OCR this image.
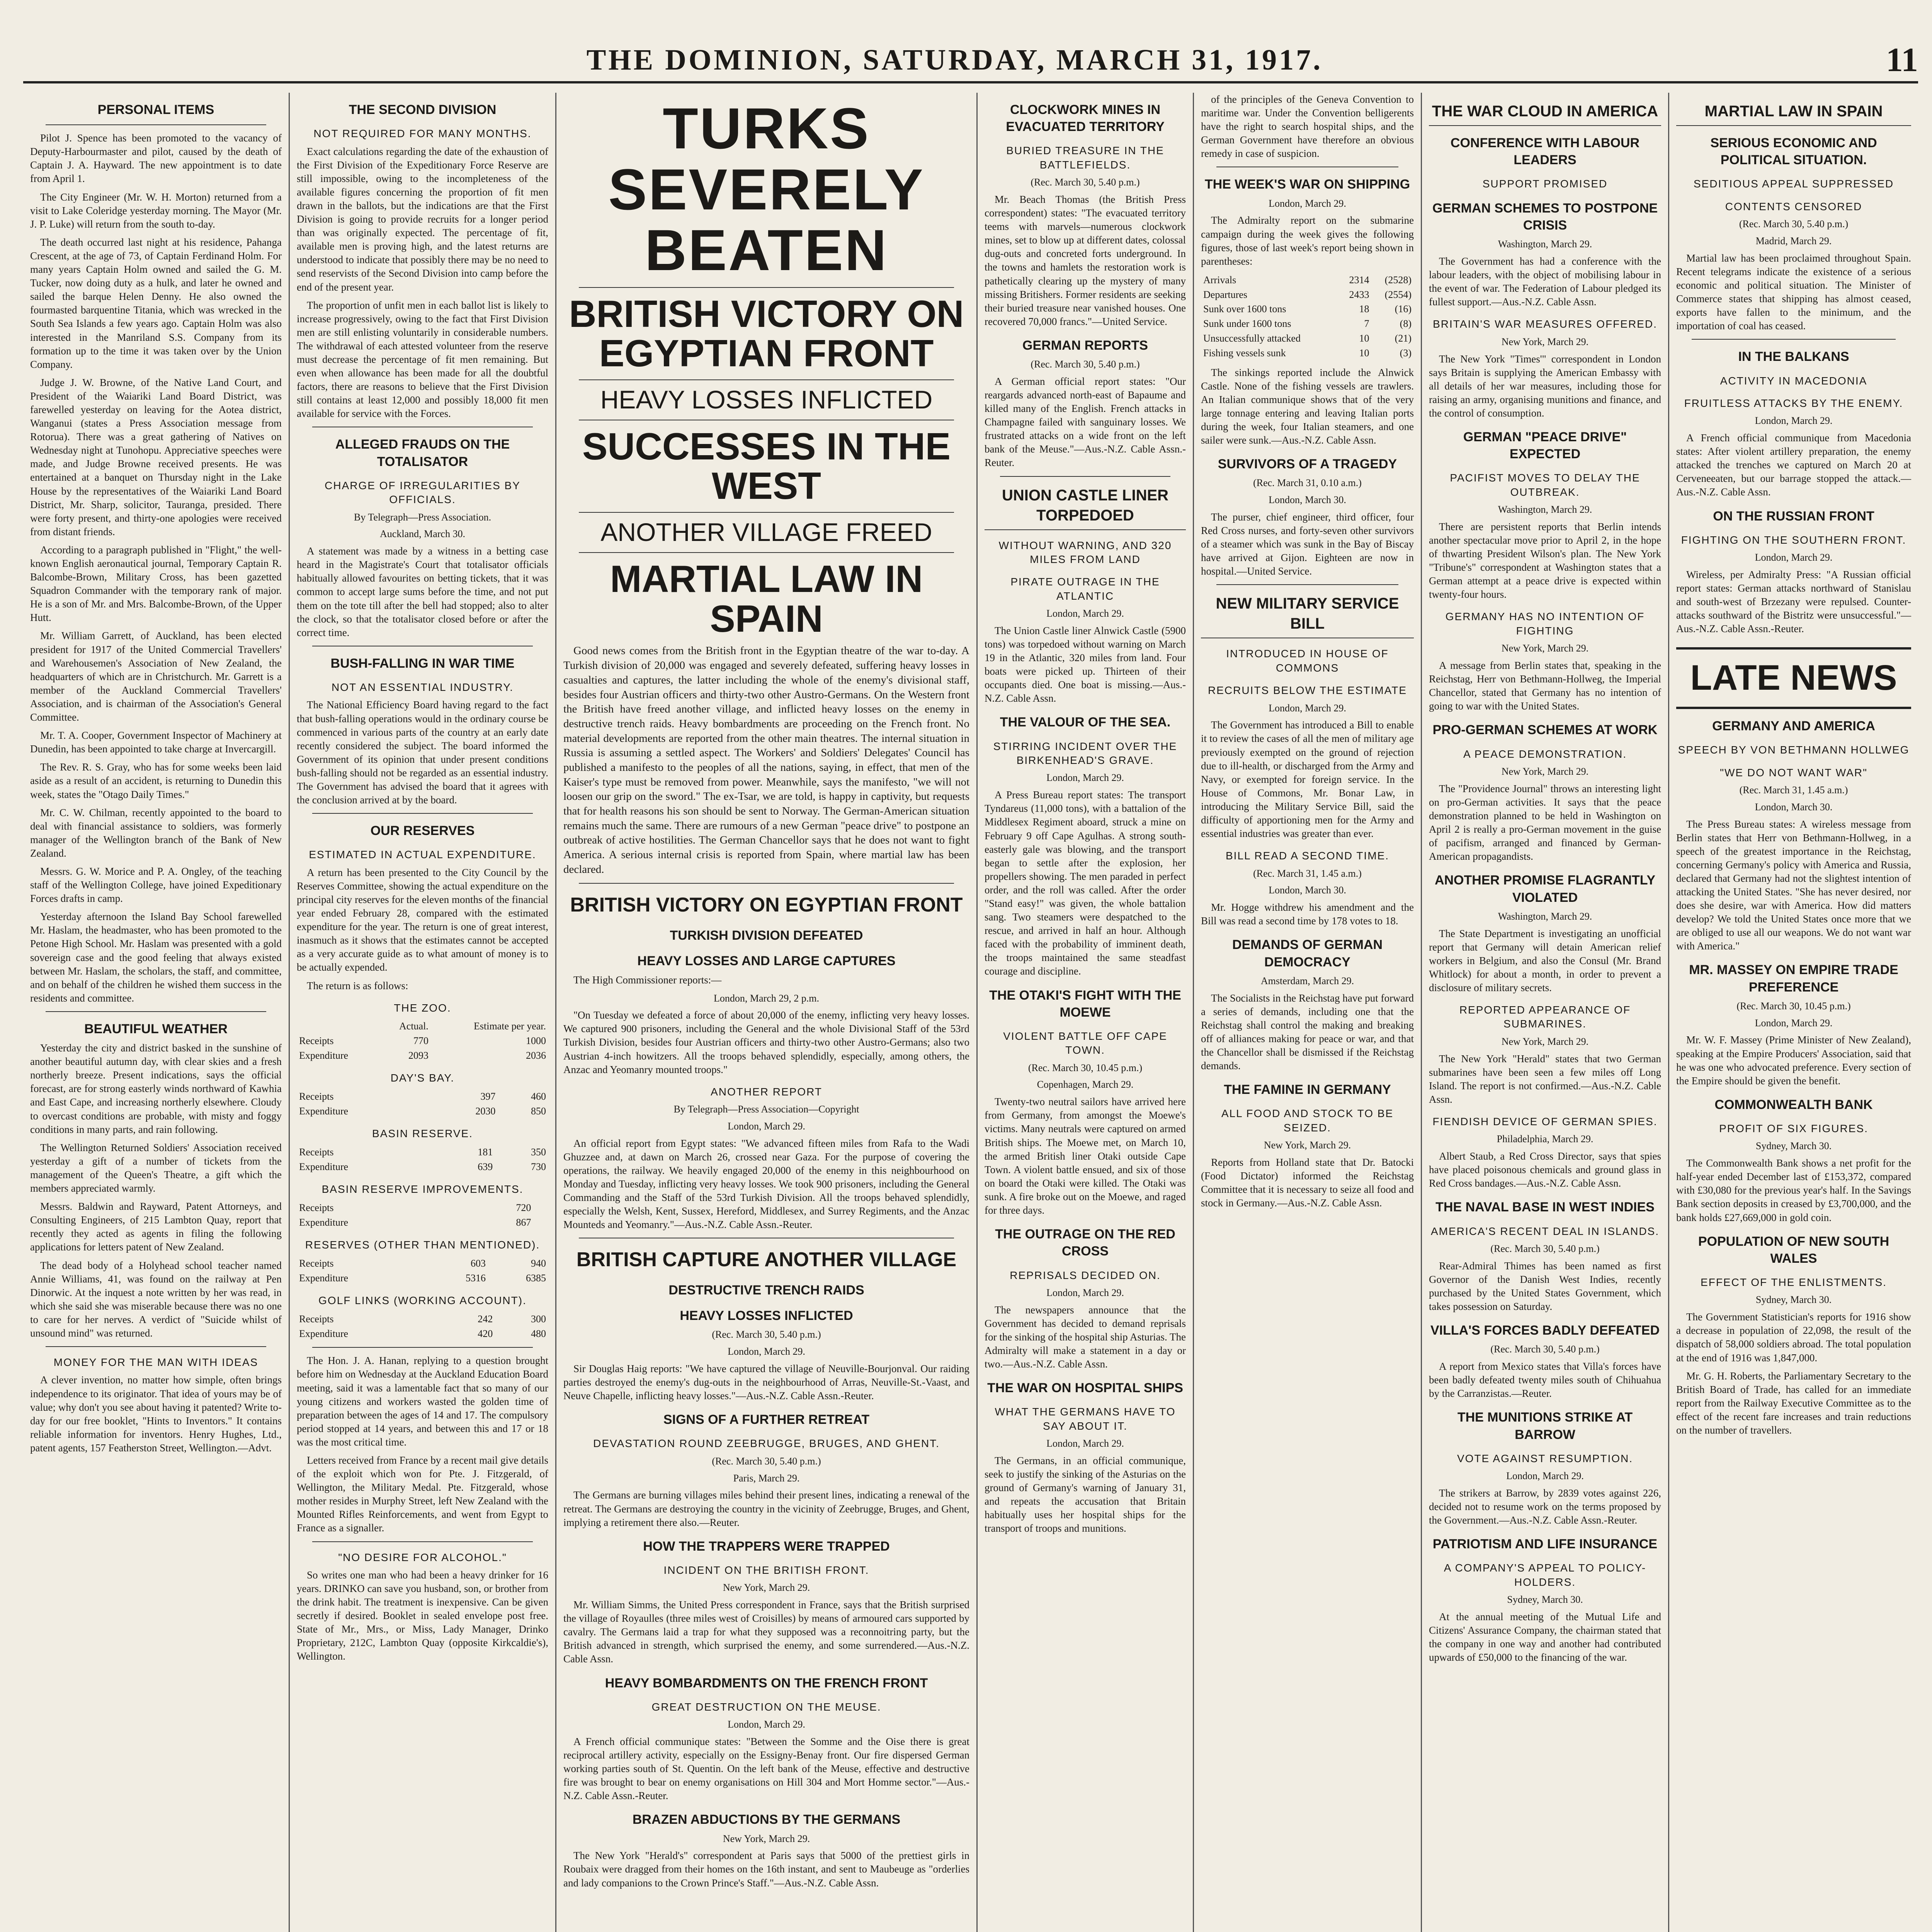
THE DOMINION, SATURDAY, MARCH 31, 1917.	11
PERSONAL ITEMS

Pilot J. Spence has been promoted to the vacancy of Deputy-Harbourmaster and pilot, caused by the death of Captain J. A. Hayward. The new appointment is to date from April 1.

The City Engineer (Mr. W. H. Morton) returned from a visit to Lake Coleridge yesterday morning. The Mayor (Mr. J. P. Luke) will return from the south to-day.

The death occurred last night at his residence, Pahanga Crescent, at the age of 73, of Captain Ferdinand Holm. For many years Captain Holm owned and sailed the G. M. Tucker, now doing duty as a hulk, and later he owned and sailed the barque Helen Denny. He also owned the fourmasted barquentine Titania, which was wrecked in the South Sea Islands a few years ago. Captain Holm was also interested in the Manriland S.S. Company from its formation up to the time it was taken over by the Union Company.

Judge J. W. Browne, of the Native Land Court, and President of the Waiariki Land Board District, was farewelled yesterday on leaving for the Aotea district, Wanganui (states a Press Association message from Rotorua). There was a great gathering of Natives on Wednesday night at Tunohopu. Appreciative speeches were made, and Judge Browne received presents. He was entertained at a banquet on Thursday night in the Lake House by the representatives of the Waiariki Land Board District, Mr. Sharp, solicitor, Tauranga, presided. There were forty present, and thirty-one apologies were received from distant friends.

According to a paragraph published in "Flight," the well-known English aeronautical journal, Temporary Captain R. Balcombe-Brown, Military Cross, has been gazetted Squadron Commander with the temporary rank of major. He is a son of Mr. and Mrs. Balcombe-Brown, of the Upper Hutt.

Mr. William Garrett, of Auckland, has been elected president for 1917 of the United Commercial Travellers' and Warehousemen's Association of New Zealand, the headquarters of which are in Christchurch. Mr. Garrett is a member of the Auckland Commercial Travellers' Association, and is chairman of the Association's General Committee.

Mr. T. A. Cooper, Government Inspector of Machinery at Dunedin, has been appointed to take charge at Invercargill.

The Rev. R. S. Gray, who has for some weeks been laid aside as a result of an accident, is returning to Dunedin this week, states the "Otago Daily Times."

Mr. C. W. Chilman, recently appointed to the board to deal with financial assistance to soldiers, was formerly manager of the Wellington branch of the Bank of New Zealand.

Messrs. G. W. Morice and P. A. Ongley, of the teaching staff of the Wellington College, have joined Expeditionary Forces drafts in camp.

Yesterday afternoon the Island Bay School farewelled Mr. Haslam, the headmaster, who has been promoted to the Petone High School. Mr. Haslam was presented with a gold sovereign case and the good feeling that always existed between Mr. Haslam, the scholars, the staff, and committee, and on behalf of the children he wished them success in the residents and committee.

BEAUTIFUL WEATHER

Yesterday the city and district basked in the sunshine of another beautiful autumn day, with clear skies and a fresh northerly breeze. Present indications, says the official forecast, are for strong easterly winds northward of Kawhia and East Cape, and increasing northerly elsewhere. Cloudy to overcast conditions are probable, with misty and foggy conditions in many parts, and rain following.

The Wellington Returned Soldiers' Association received yesterday a gift of a number of tickets from the management of the Queen's Theatre, a gift which the members appreciated warmly.

Messrs. Baldwin and Rayward, Patent Attorneys, and Consulting Engineers, of 215 Lambton Quay, report that recently they acted as agents in filing the following applications for letters patent of New Zealand.

The dead body of a Holyhead school teacher named Annie Williams, 41, was found on the railway at Pen Dinorwic. At the inquest a note written by her was read, in which she said she was miserable because there was no one to care for her nerves. A verdict of "Suicide whilst of unsound mind" was returned.

MONEY FOR THE MAN WITH IDEAS

A clever invention, no matter how simple, often brings independence to its originator. That idea of yours may be of value; why don't you see about having it patented? Write to-day for our free booklet, "Hints to Inventors." It contains reliable information for inventors. Henry Hughes, Ltd., patent agents, 157 Featherston Street, Wellington.—Advt.

THE SECOND DIVISION
NOT REQUIRED FOR MANY MONTHS.

Exact calculations regarding the date of the exhaustion of the First Division of the Expeditionary Force Reserve are still impossible, owing to the incompleteness of the available figures concerning the proportion of fit men drawn in the ballots, but the indications are that the First Division is going to provide recruits for a longer period than was originally expected. The percentage of fit, available men is proving high, and the latest returns are understood to indicate that possibly there may be no need to send reservists of the Second Division into camp before the end of the present year.

The proportion of unfit men in each ballot list is likely to increase progressively, owing to the fact that First Division men are still enlisting voluntarily in considerable numbers. The withdrawal of each attested volunteer from the reserve must decrease the percentage of fit men remaining. But even when allowance has been made for all the doubtful factors, there are reasons to believe that the First Division still contains at least 12,000 and possibly 18,000 fit men available for service with the Forces.

ALLEGED FRAUDS ON THE TOTALISATOR
CHARGE OF IRREGULARITIES BY OFFICIALS.
By Telegraph—Press Association.
Auckland, March 30.

A statement was made by a witness in a betting case heard in the Magistrate's Court that totalisator officials habitually allowed favourites on betting tickets, that it was common to accept large sums before the time, and not put them on the tote till after the bell had stopped; also to alter the clock, so that the totalisator closed before or after the correct time.

BUSH-FALLING IN WAR TIME
NOT AN ESSENTIAL INDUSTRY.

The National Efficiency Board having regard to the fact that bush-falling operations would in the ordinary course be commenced in various parts of the country at an early date recently considered the subject. The board informed the Government of its opinion that under present conditions bush-falling should not be regarded as an essential industry. The Government has advised the board that it agrees with the conclusion arrived at by the board.

OUR RESERVES
ESTIMATED IN ACTUAL EXPENDITURE.

A return has been presented to the City Council by the Reserves Committee, showing the actual expenditure on the principal city reserves for the eleven months of the financial year ended February 28, compared with the estimated expenditure for the year. The return is one of great interest, inasmuch as it shows that the estimates cannot be accepted as a very accurate guide as to what amount of money is to be actually expended.

The return is as follows:

THE ZOO.
	Actual.	Estimate per year.
Receipts	770	1000
Expenditure	2093	2036
DAY'S BAY.
Receipts	397	460
Expenditure	2030	850
BASIN RESERVE.
Receipts	181	350
Expenditure	639	730
BASIN RESERVE IMPROVEMENTS.
Receipts	720	
Expenditure	867	
RESERVES (OTHER THAN MENTIONED).
Receipts	603	940
Expenditure	5316	6385
GOLF LINKS (WORKING ACCOUNT).
Receipts	242	300
Expenditure	420	480

The Hon. J. A. Hanan, replying to a question brought before him on Wednesday at the Auckland Education Board meeting, said it was a lamentable fact that so many of our young citizens and workers wasted the golden time of preparation between the ages of 14 and 17. The compulsory period stopped at 14 years, and between this and 17 or 18 was the most critical time.

Letters received from France by a recent mail give details of the exploit which won for Pte. J. Fitzgerald, of Wellington, the Military Medal. Pte. Fitzgerald, whose mother resides in Murphy Street, left New Zealand with the Mounted Rifles Reinforcements, and went from Egypt to France as a signaller.

"NO DESIRE FOR ALCOHOL."

So writes one man who had been a heavy drinker for 16 years. DRINKO can save you husband, son, or brother from the drink habit. The treatment is inexpensive. Can be given secretly if desired. Booklet in sealed envelope post free. State of Mr., Mrs., or Miss, Lady Manager, Drinko Proprietary, 212C, Lambton Quay (opposite Kirkcaldie's), Wellington.

TURKS SEVERELY BEATEN
BRITISH VICTORY ON EGYPTIAN FRONT
HEAVY LOSSES INFLICTED
SUCCESSES IN THE WEST
ANOTHER VILLAGE FREED
MARTIAL LAW IN SPAIN

Good news comes from the British front in the Egyptian theatre of the war to-day. A Turkish division of 20,000 was engaged and severely defeated, suffering heavy losses in casualties and captures, the latter including the whole of the enemy's divisional staff, besides four Austrian officers and thirty-two other Austro-Germans. On the Western front the British have freed another village, and inflicted heavy losses on the enemy in destructive trench raids. Heavy bombardments are proceeding on the French front. No material developments are reported from the other main theatres. The internal situation in Russia is assuming a settled aspect. The Workers' and Soldiers' Delegates' Council has published a manifesto to the peoples of all the nations, saying, in effect, that men of the Kaiser's type must be removed from power. Meanwhile, says the manifesto, "we will not loosen our grip on the sword." The ex-Tsar, we are told, is happy in captivity, but requests that for health reasons his son should be sent to Norway. The German-American situation remains much the same. There are rumours of a new German "peace drive" to postpone an outbreak of active hostilities. The German Chancellor says that he does not want to fight America. A serious internal crisis is reported from Spain, where martial law has been declared.

BRITISH VICTORY ON EGYPTIAN FRONT
TURKISH DIVISION DEFEATED
HEAVY LOSSES AND LARGE CAPTURES

The High Commissioner reports:—

London, March 29, 2 p.m.

"On Tuesday we defeated a force of about 20,000 of the enemy, inflicting very heavy losses. We captured 900 prisoners, including the General and the whole Divisional Staff of the 53rd Turkish Division, besides four Austrian officers and thirty-two other Austro-Germans; also two Austrian 4-inch howitzers. All the troops behaved splendidly, especially, among others, the Anzac and Yeomanry mounted troops."

ANOTHER REPORT
By Telegraph—Press Association—Copyright
London, March 29.

An official report from Egypt states: "We advanced fifteen miles from Rafa to the Wadi Ghuzzee and, at dawn on March 26, crossed near Gaza. For the purpose of covering the operations, the railway. We heavily engaged 20,000 of the enemy in this neighbourhood on Monday and Tuesday, inflicting very heavy losses. We took 900 prisoners, including the General Commanding and the Staff of the 53rd Turkish Division. All the troops behaved splendidly, especially the Welsh, Kent, Sussex, Hereford, Middlesex, and Surrey Regiments, and the Anzac Mounteds and Yeomanry."—Aus.-N.Z. Cable Assn.-Reuter.

BRITISH CAPTURE ANOTHER VILLAGE
DESTRUCTIVE TRENCH RAIDS
HEAVY LOSSES INFLICTED
(Rec. March 30, 5.40 p.m.)
London, March 29.

Sir Douglas Haig reports: "We have captured the village of Neuville-Bourjonval. Our raiding parties destroyed the enemy's dug-outs in the neighbourhood of Arras, Neuville-St.-Vaast, and Neuve Chapelle, inflicting heavy losses."—Aus.-N.Z. Cable Assn.-Reuter.

SIGNS OF A FURTHER RETREAT
DEVASTATION ROUND ZEEBRUGGE, BRUGES, AND GHENT.
(Rec. March 30, 5.40 p.m.)
Paris, March 29.

The Germans are burning villages miles behind their present lines, indicating a renewal of the retreat. The Germans are destroying the country in the vicinity of Zeebrugge, Bruges, and Ghent, implying a retirement there also.—Reuter.

HOW THE TRAPPERS WERE TRAPPED
INCIDENT ON THE BRITISH FRONT.
New York, March 29.

Mr. William Simms, the United Press correspondent in France, says that the British surprised the village of Royaulles (three miles west of Croisilles) by means of armoured cars supported by cavalry. The Germans laid a trap for what they supposed was a reconnoitring party, but the British advanced in strength, which surprised the enemy, and some surrendered.—Aus.-N.Z. Cable Assn.

HEAVY BOMBARDMENTS ON THE FRENCH FRONT
GREAT DESTRUCTION ON THE MEUSE.
London, March 29.

A French official communique states: "Between the Somme and the Oise there is great reciprocal artillery activity, especially on the Essigny-Benay front. Our fire dispersed German working parties south of St. Quentin. On the left bank of the Meuse, effective and destructive fire was brought to bear on enemy organisations on Hill 304 and Mort Homme sector."—Aus.-N.Z. Cable Assn.-Reuter.

BRAZEN ABDUCTIONS BY THE GERMANS
New York, March 29.

The New York "Herald's" correspondent at Paris says that 5000 of the prettiest girls in Roubaix were dragged from their homes on the 16th instant, and sent to Maubeuge as "orderlies and lady companions to the Crown Prince's Staff."—Aus.-N.Z. Cable Assn.

CLOCKWORK MINES IN EVACUATED TERRITORY
BURIED TREASURE IN THE BATTLEFIELDS.
(Rec. March 30, 5.40 p.m.)

Mr. Beach Thomas (the British Press correspondent) states: "The evacuated territory teems with marvels—numerous clockwork mines, set to blow up at different dates, colossal dug-outs and concreted forts underground. In the towns and hamlets the restoration work is pathetically clearing up the mystery of many missing Britishers. Former residents are seeking their buried treasure near vanished houses. One recovered 70,000 francs."—United Service.

GERMAN REPORTS
(Rec. March 30, 5.40 p.m.)

A German official report states: "Our reargards advanced north-east of Bapaume and killed many of the English. French attacks in Champagne failed with sanguinary losses. We frustrated attacks on a wide front on the left bank of the Meuse."—Aus.-N.Z. Cable Assn.-Reuter.

UNION CASTLE LINER TORPEDOED
WITHOUT WARNING, AND 320 MILES FROM LAND
PIRATE OUTRAGE IN THE ATLANTIC
London, March 29.

The Union Castle liner Alnwick Castle (5900 tons) was torpedoed without warning on March 19 in the Atlantic, 320 miles from land. Four boats were picked up. Thirteen of their occupants died. One boat is missing.—Aus.-N.Z. Cable Assn.

THE VALOUR OF THE SEA.
STIRRING INCIDENT OVER THE BIRKENHEAD'S GRAVE.
London, March 29.

A Press Bureau report states: The transport Tyndareus (11,000 tons), with a battalion of the Middlesex Regiment aboard, struck a mine on February 9 off Cape Agulhas. A strong south-easterly gale was blowing, and the transport began to settle after the explosion, her propellers showing. The men paraded in perfect order, and the roll was called. After the order "Stand easy!" was given, the whole battalion sang. Two steamers were despatched to the rescue, and arrived in half an hour. Although faced with the probability of imminent death, the troops maintained the same steadfast courage and discipline.

THE OTAKI'S FIGHT WITH THE MOEWE
VIOLENT BATTLE OFF CAPE TOWN.
(Rec. March 30, 10.45 p.m.)
Copenhagen, March 29.

Twenty-two neutral sailors have arrived here from Germany, from amongst the Moewe's victims. Many neutrals were captured on armed British ships. The Moewe met, on March 10, the armed British liner Otaki outside Cape Town. A violent battle ensued, and six of those on board the Otaki were killed. The Otaki was sunk. A fire broke out on the Moewe, and raged for three days.

THE OUTRAGE ON THE RED CROSS
REPRISALS DECIDED ON.
London, March 29.

The newspapers announce that the Government has decided to demand reprisals for the sinking of the hospital ship Asturias. The Admiralty will make a statement in a day or two.—Aus.-N.Z. Cable Assn.

THE WAR ON HOSPITAL SHIPS
WHAT THE GERMANS HAVE TO SAY ABOUT IT.
London, March 29.

The Germans, in an official communique, seek to justify the sinking of the Asturias on the ground of Germany's warning of January 31, and repeats the accusation that Britain habitually uses her hospital ships for the transport of troops and munitions.

of the principles of the Geneva Convention to maritime war. Under the Convention belligerents have the right to search hospital ships, and the German Government have therefore an obvious remedy in case of suspicion.

THE WEEK'S WAR ON SHIPPING
London, March 29.

The Admiralty report on the submarine campaign during the week gives the following figures, those of last week's report being shown in parentheses:

Arrivals	2314	(2528)
Departures	2433	(2554)
Sunk over 1600 tons	18	(16)
Sunk under 1600 tons	7	(8)
Unsuccessfully attacked	10	(21)
Fishing vessels sunk	10	(3)

The sinkings reported include the Alnwick Castle. None of the fishing vessels are trawlers. An Italian communique shows that of the very large tonnage entering and leaving Italian ports during the week, four Italian steamers, and one sailer were sunk.—Aus.-N.Z. Cable Assn.

SURVIVORS OF A TRAGEDY
(Rec. March 31, 0.10 a.m.)
London, March 30.

The purser, chief engineer, third officer, four Red Cross nurses, and forty-seven other survivors of a steamer which was sunk in the Bay of Biscay have arrived at Gijon. Eighteen are now in hospital.—United Service.

NEW MILITARY SERVICE BILL
INTRODUCED IN HOUSE OF COMMONS
RECRUITS BELOW THE ESTIMATE
London, March 29.

The Government has introduced a Bill to enable it to review the cases of all the men of military age previously exempted on the ground of rejection due to ill-health, or discharged from the Army and Navy, or exempted for foreign service. In the House of Commons, Mr. Bonar Law, in introducing the Military Service Bill, said the difficulty of apportioning men for the Army and essential industries was greater than ever.

BILL READ A SECOND TIME.
(Rec. March 31, 1.45 a.m.)
London, March 30.

Mr. Hogge withdrew his amendment and the Bill was read a second time by 178 votes to 18.

DEMANDS OF GERMAN DEMOCRACY
Amsterdam, March 29.

The Socialists in the Reichstag have put forward a series of demands, including one that the Reichstag shall control the making and breaking off of alliances making for peace or war, and that the Chancellor shall be dismissed if the Reichstag demands.

THE FAMINE IN GERMANY
ALL FOOD AND STOCK TO BE SEIZED.
New York, March 29.

Reports from Holland state that Dr. Batocki (Food Dictator) informed the Reichstag Committee that it is necessary to seize all food and stock in Germany.—Aus.-N.Z. Cable Assn.

THE WAR CLOUD IN AMERICA
CONFERENCE WITH LABOUR LEADERS
SUPPORT PROMISED
GERMAN SCHEMES TO POSTPONE CRISIS
Washington, March 29.

The Government has had a conference with the labour leaders, with the object of mobilising labour in the event of war. The Federation of Labour pledged its fullest support.—Aus.-N.Z. Cable Assn.

BRITAIN'S WAR MEASURES OFFERED.
New York, March 29.

The New York "Times'" correspondent in London says Britain is supplying the American Embassy with all details of her war measures, including those for raising an army, organising munitions and finance, and the control of consumption.

GERMAN "PEACE DRIVE" EXPECTED
PACIFIST MOVES TO DELAY THE OUTBREAK.
Washington, March 29.

There are persistent reports that Berlin intends another spectacular move prior to April 2, in the hope of thwarting President Wilson's plan. The New York "Tribune's" correspondent at Washington states that a German attempt at a peace drive is expected within twenty-four hours.

GERMANY HAS NO INTENTION OF FIGHTING
New York, March 29.

A message from Berlin states that, speaking in the Reichstag, Herr von Bethmann-Hollweg, the Imperial Chancellor, stated that Germany has no intention of going to war with the United States.

PRO-GERMAN SCHEMES AT WORK
A PEACE DEMONSTRATION.
New York, March 29.

The "Providence Journal" throws an interesting light on pro-German activities. It says that the peace demonstration planned to be held in Washington on April 2 is really a pro-German movement in the guise of pacifism, arranged and financed by German-American propagandists.

ANOTHER PROMISE FLAGRANTLY VIOLATED
Washington, March 29.

The State Department is investigating an unofficial report that Germany will detain American relief workers in Belgium, and also the Consul (Mr. Brand Whitlock) for about a month, in order to prevent a disclosure of military secrets.

REPORTED APPEARANCE OF SUBMARINES.
New York, March 29.

The New York "Herald" states that two German submarines have been seen a few miles off Long Island. The report is not confirmed.—Aus.-N.Z. Cable Assn.

FIENDISH DEVICE OF GERMAN SPIES.
Philadelphia, March 29.

Albert Staub, a Red Cross Director, says that spies have placed poisonous chemicals and ground glass in Red Cross bandages.—Aus.-N.Z. Cable Assn.

THE NAVAL BASE IN WEST INDIES
AMERICA'S RECENT DEAL IN ISLANDS.
(Rec. March 30, 5.40 p.m.)

Rear-Admiral Thimes has been named as first Governor of the Danish West Indies, recently purchased by the United States Government, which takes possession on Saturday.

VILLA'S FORCES BADLY DEFEATED
(Rec. March 30, 5.40 p.m.)

A report from Mexico states that Villa's forces have been badly defeated twenty miles south of Chihuahua by the Carranzistas.—Reuter.

THE MUNITIONS STRIKE AT BARROW
VOTE AGAINST RESUMPTION.
London, March 29.

The strikers at Barrow, by 2839 votes against 226, decided not to resume work on the terms proposed by the Government.—Aus.-N.Z. Cable Assn.-Reuter.

PATRIOTISM AND LIFE INSURANCE
A COMPANY'S APPEAL TO POLICY-HOLDERS.
Sydney, March 30.

At the annual meeting of the Mutual Life and Citizens' Assurance Company, the chairman stated that the company in one way and another had contributed upwards of £50,000 to the financing of the war.

MARTIAL LAW IN SPAIN
SERIOUS ECONOMIC AND POLITICAL SITUATION.
SEDITIOUS APPEAL SUPPRESSED
CONTENTS CENSORED
(Rec. March 30, 5.40 p.m.)
Madrid, March 29.

Martial law has been proclaimed throughout Spain. Recent telegrams indicate the existence of a serious economic and political situation. The Minister of Commerce states that shipping has almost ceased, exports have fallen to the minimum, and the importation of coal has ceased.

IN THE BALKANS
ACTIVITY IN MACEDONIA
FRUITLESS ATTACKS BY THE ENEMY.
London, March 29.

A French official communique from Macedonia states: After violent artillery preparation, the enemy attacked the trenches we captured on March 20 at Cerveneeaten, but our barrage stopped the attack.—Aus.-N.Z. Cable Assn.

ON THE RUSSIAN FRONT
FIGHTING ON THE SOUTHERN FRONT.
London, March 29.

Wireless, per Admiralty Press: "A Russian official report states: German attacks northward of Stanislau and south-west of Brzezany were repulsed. Counter-attacks southward of the Bistritz were unsuccessful."—Aus.-N.Z. Cable Assn.-Reuter.

LATE NEWS
GERMANY AND AMERICA
SPEECH BY VON BETHMANN HOLLWEG
"WE DO NOT WANT WAR"
(Rec. March 31, 1.45 a.m.)
London, March 30.

The Press Bureau states: A wireless message from Berlin states that Herr von Bethmann-Hollweg, in a speech of the greatest importance in the Reichstag, concerning Germany's policy with America and Russia, declared that Germany had not the slightest intention of attacking the United States. "She has never desired, nor does she desire, war with America. How did matters develop? We told the United States once more that we are obliged to use all our weapons. We do not want war with America."

MR. MASSEY ON EMPIRE TRADE PREFERENCE
(Rec. March 30, 10.45 p.m.)
London, March 29.

Mr. W. F. Massey (Prime Minister of New Zealand), speaking at the Empire Producers' Association, said that he was one who advocated preference. Every section of the Empire should be given the benefit.

COMMONWEALTH BANK
PROFIT OF SIX FIGURES.
Sydney, March 30.

The Commonwealth Bank shows a net profit for the half-year ended December last of £153,372, compared with £30,080 for the previous year's half. In the Savings Bank section deposits in creased by £3,700,000, and the bank holds £27,669,000 in gold coin.

POPULATION OF NEW SOUTH WALES
EFFECT OF THE ENLISTMENTS.
Sydney, March 30.

The Government Statistician's reports for 1916 show a decrease in population of 22,098, the result of the dispatch of 58,000 soldiers abroad. The total population at the end of 1916 was 1,847,000.

Mr. G. H. Roberts, the Parliamentary Secretary to the British Board of Trade, has called for an immediate report from the Railway Executive Committee as to the effect of the recent fare increases and train reductions on the number of travellers.
